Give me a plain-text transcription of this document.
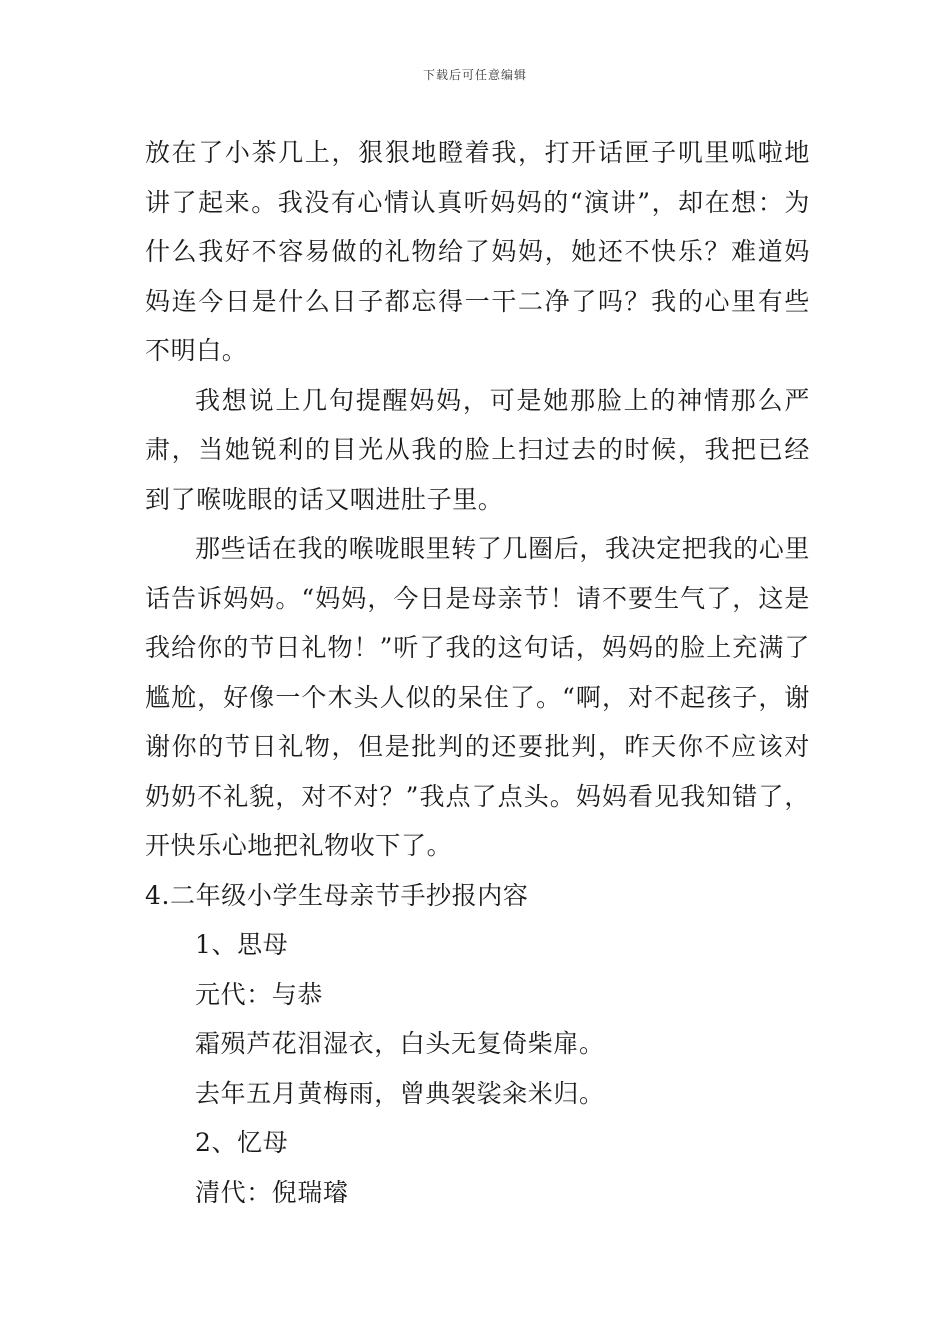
下载后可任意编辑

放在了小茶几上，狠狠地瞪着我，打开话匣子叽里呱啦地讲了起来。我没有心情认真听妈妈的“演讲”，却在想：为什么我好不容易做的礼物给了妈妈，她还不快乐？难道妈妈连今日是什么日子都忘得一干二净了吗？我的心里有些不明白。

我想说上几句提醒妈妈，可是她那脸上的神情那么严肃，当她锐利的目光从我的脸上扫过去的时候，我把已经到了喉咙眼的话又咽进肚子里。

那些话在我的喉咙眼里转了几圈后，我决定把我的心里话告诉妈妈。“妈妈，今日是母亲节！请不要生气了，这是我给你的节日礼物！”听了我的这句话，妈妈的脸上充满了尴尬，好像一个木头人似的呆住了。“啊，对不起孩子，谢谢你的节日礼物，但是批判的还要批判，昨天你不应该对奶奶不礼貌，对不对？”我点了点头。妈妈看见我知错了，开快乐心地把礼物收下了。

4.二年级小学生母亲节手抄报内容

1、思母

元代：与恭

霜殒芦花泪湿衣，白头无复倚柴扉。

去年五月黄梅雨，曾典袈裟籴米归。

2、忆母

清代：倪瑞璿
